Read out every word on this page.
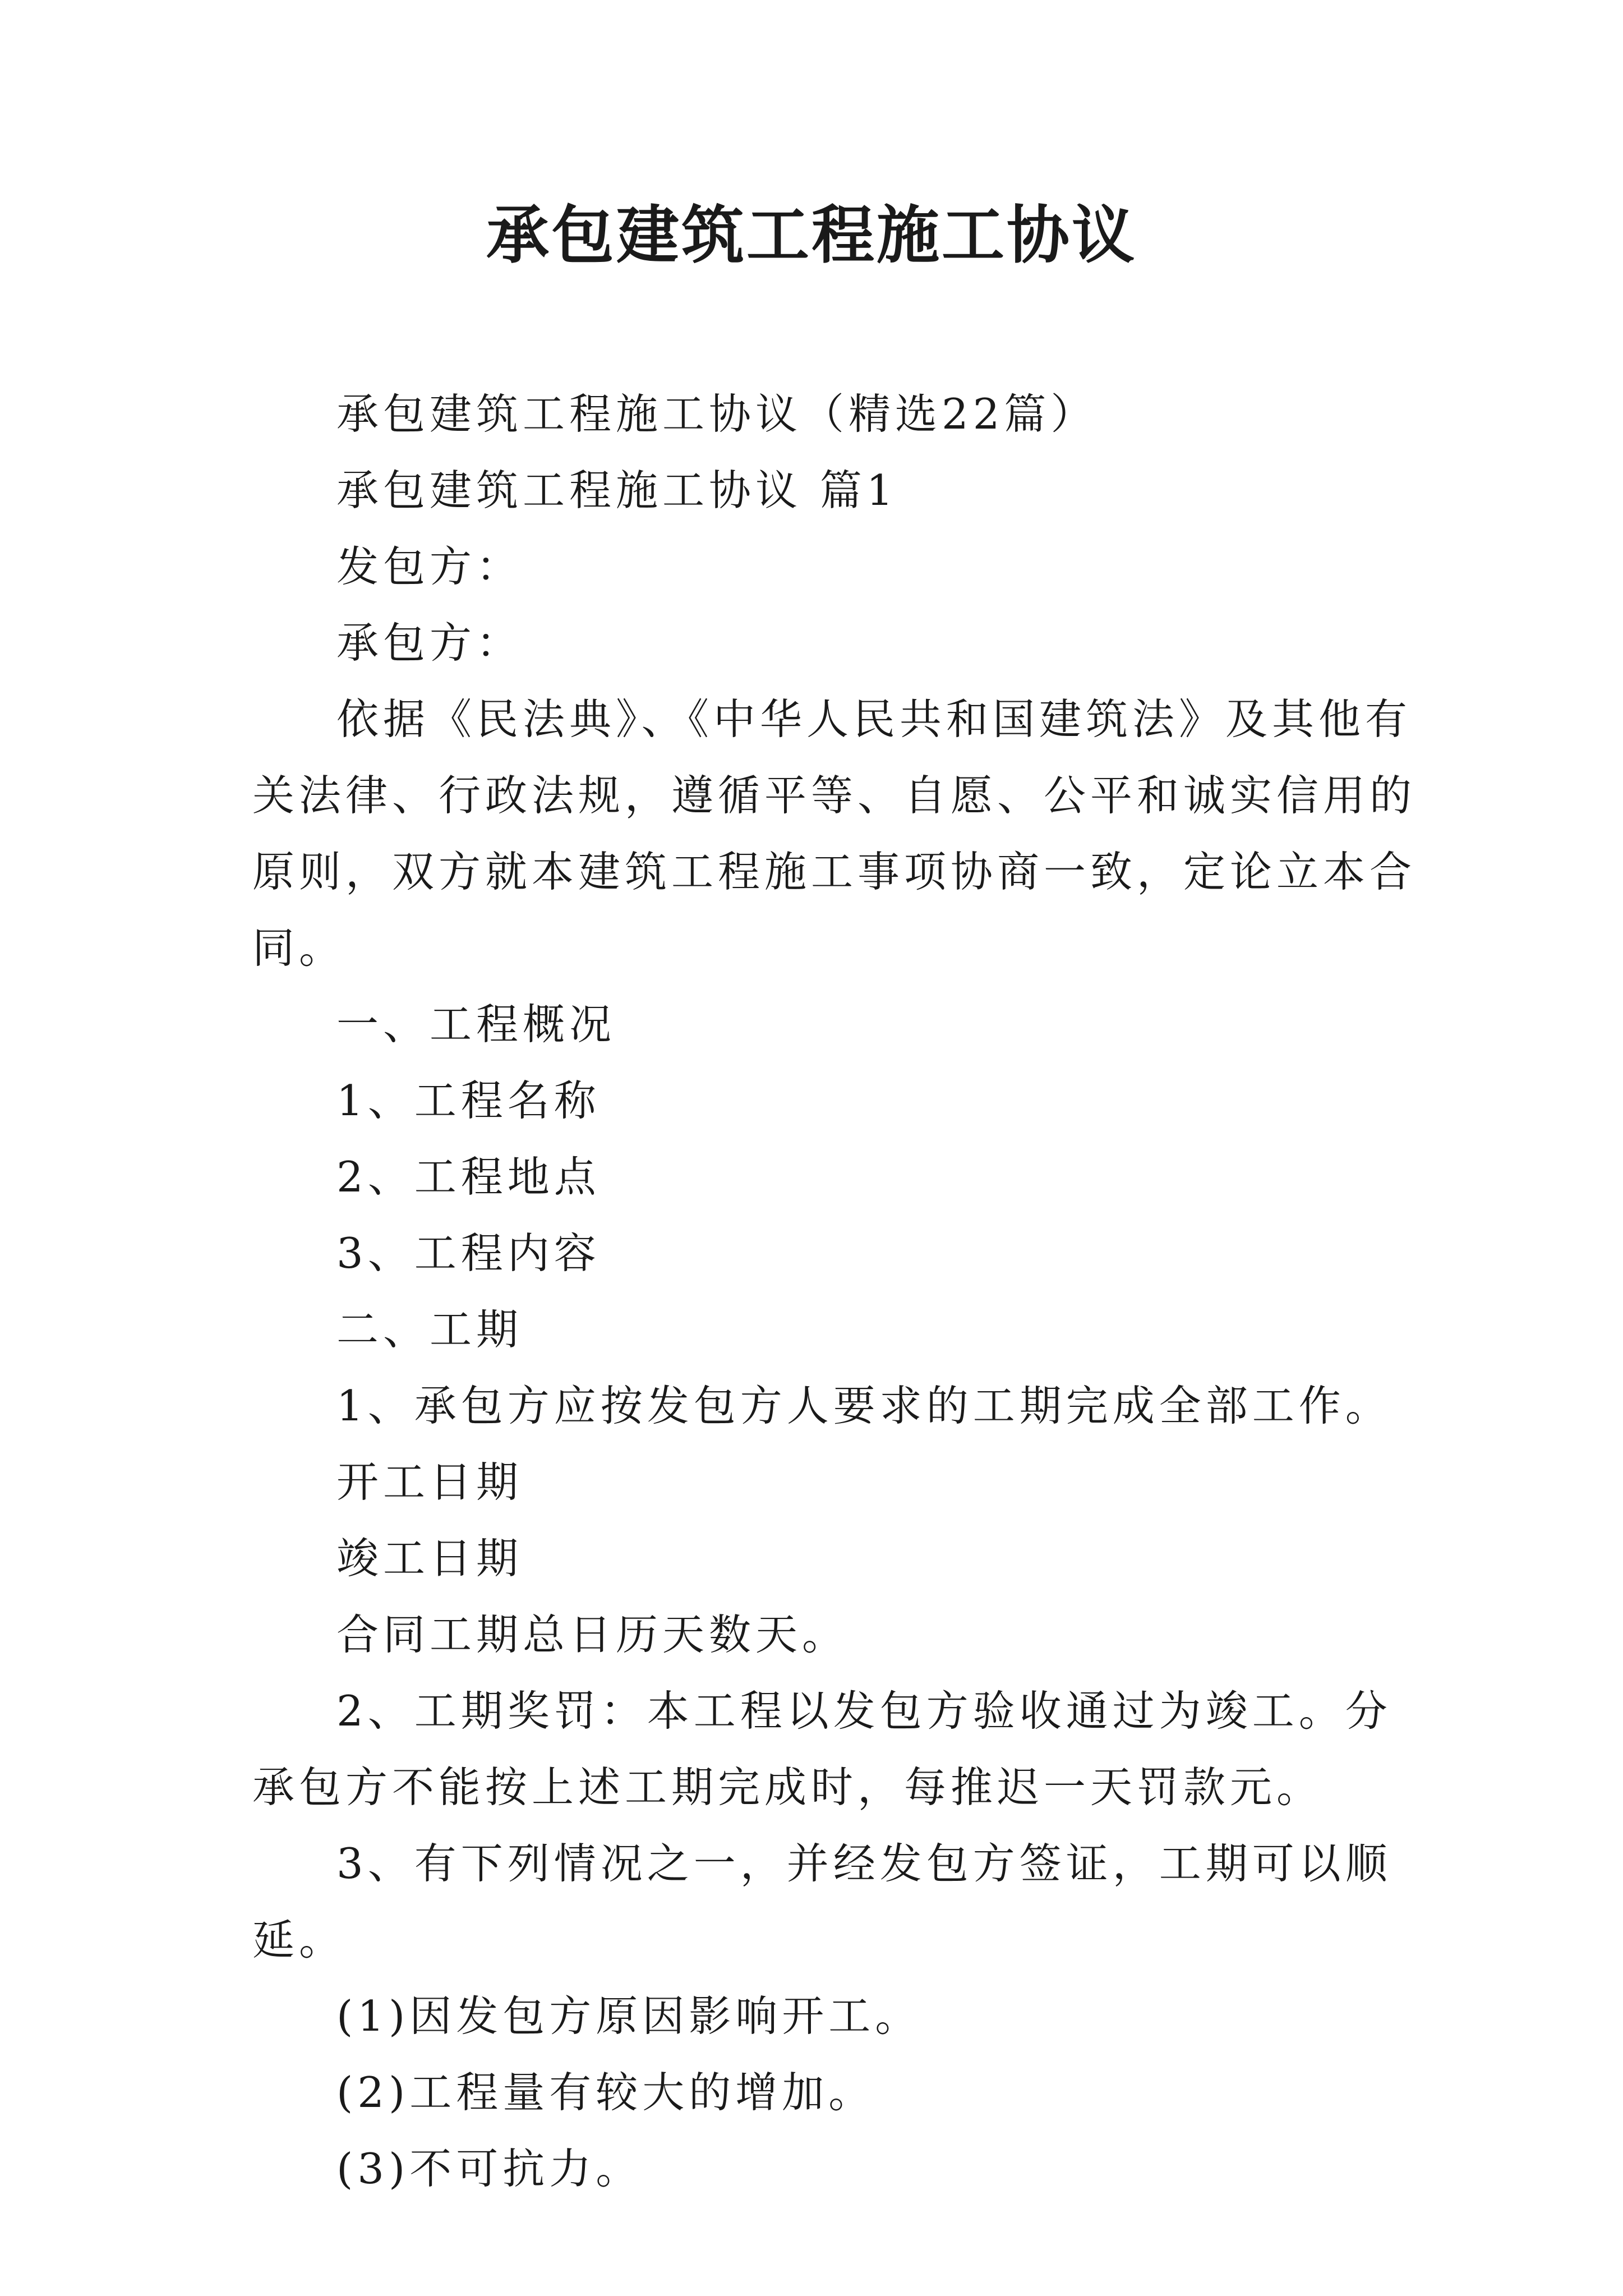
承包建筑工程施工协议

承包建筑工程施工协议（精选22篇）

承包建筑工程施工协议 篇1

发包方：

承包方：

依据《民法典》、《中华人民共和国建筑法》及其他有关法律、行政法规，遵循平等、自愿、公平和诚实信用的原则，双方就本建筑工程施工事项协商一致，定论立本合同。

一、工程概况

1、工程名称

2、工程地点

3、工程内容

二、工期

1、承包方应按发包方人要求的工期完成全部工作。

开工日期

竣工日期

合同工期总日历天数天。

2、工期奖罚：本工程以发包方验收通过为竣工。分承包方不能按上述工期完成时，每推迟一天罚款元。

3、有下列情况之一，并经发包方签证，工期可以顺延。

(1)因发包方原因影响开工。

(2)工程量有较大的增加。

(3)不可抗力。
